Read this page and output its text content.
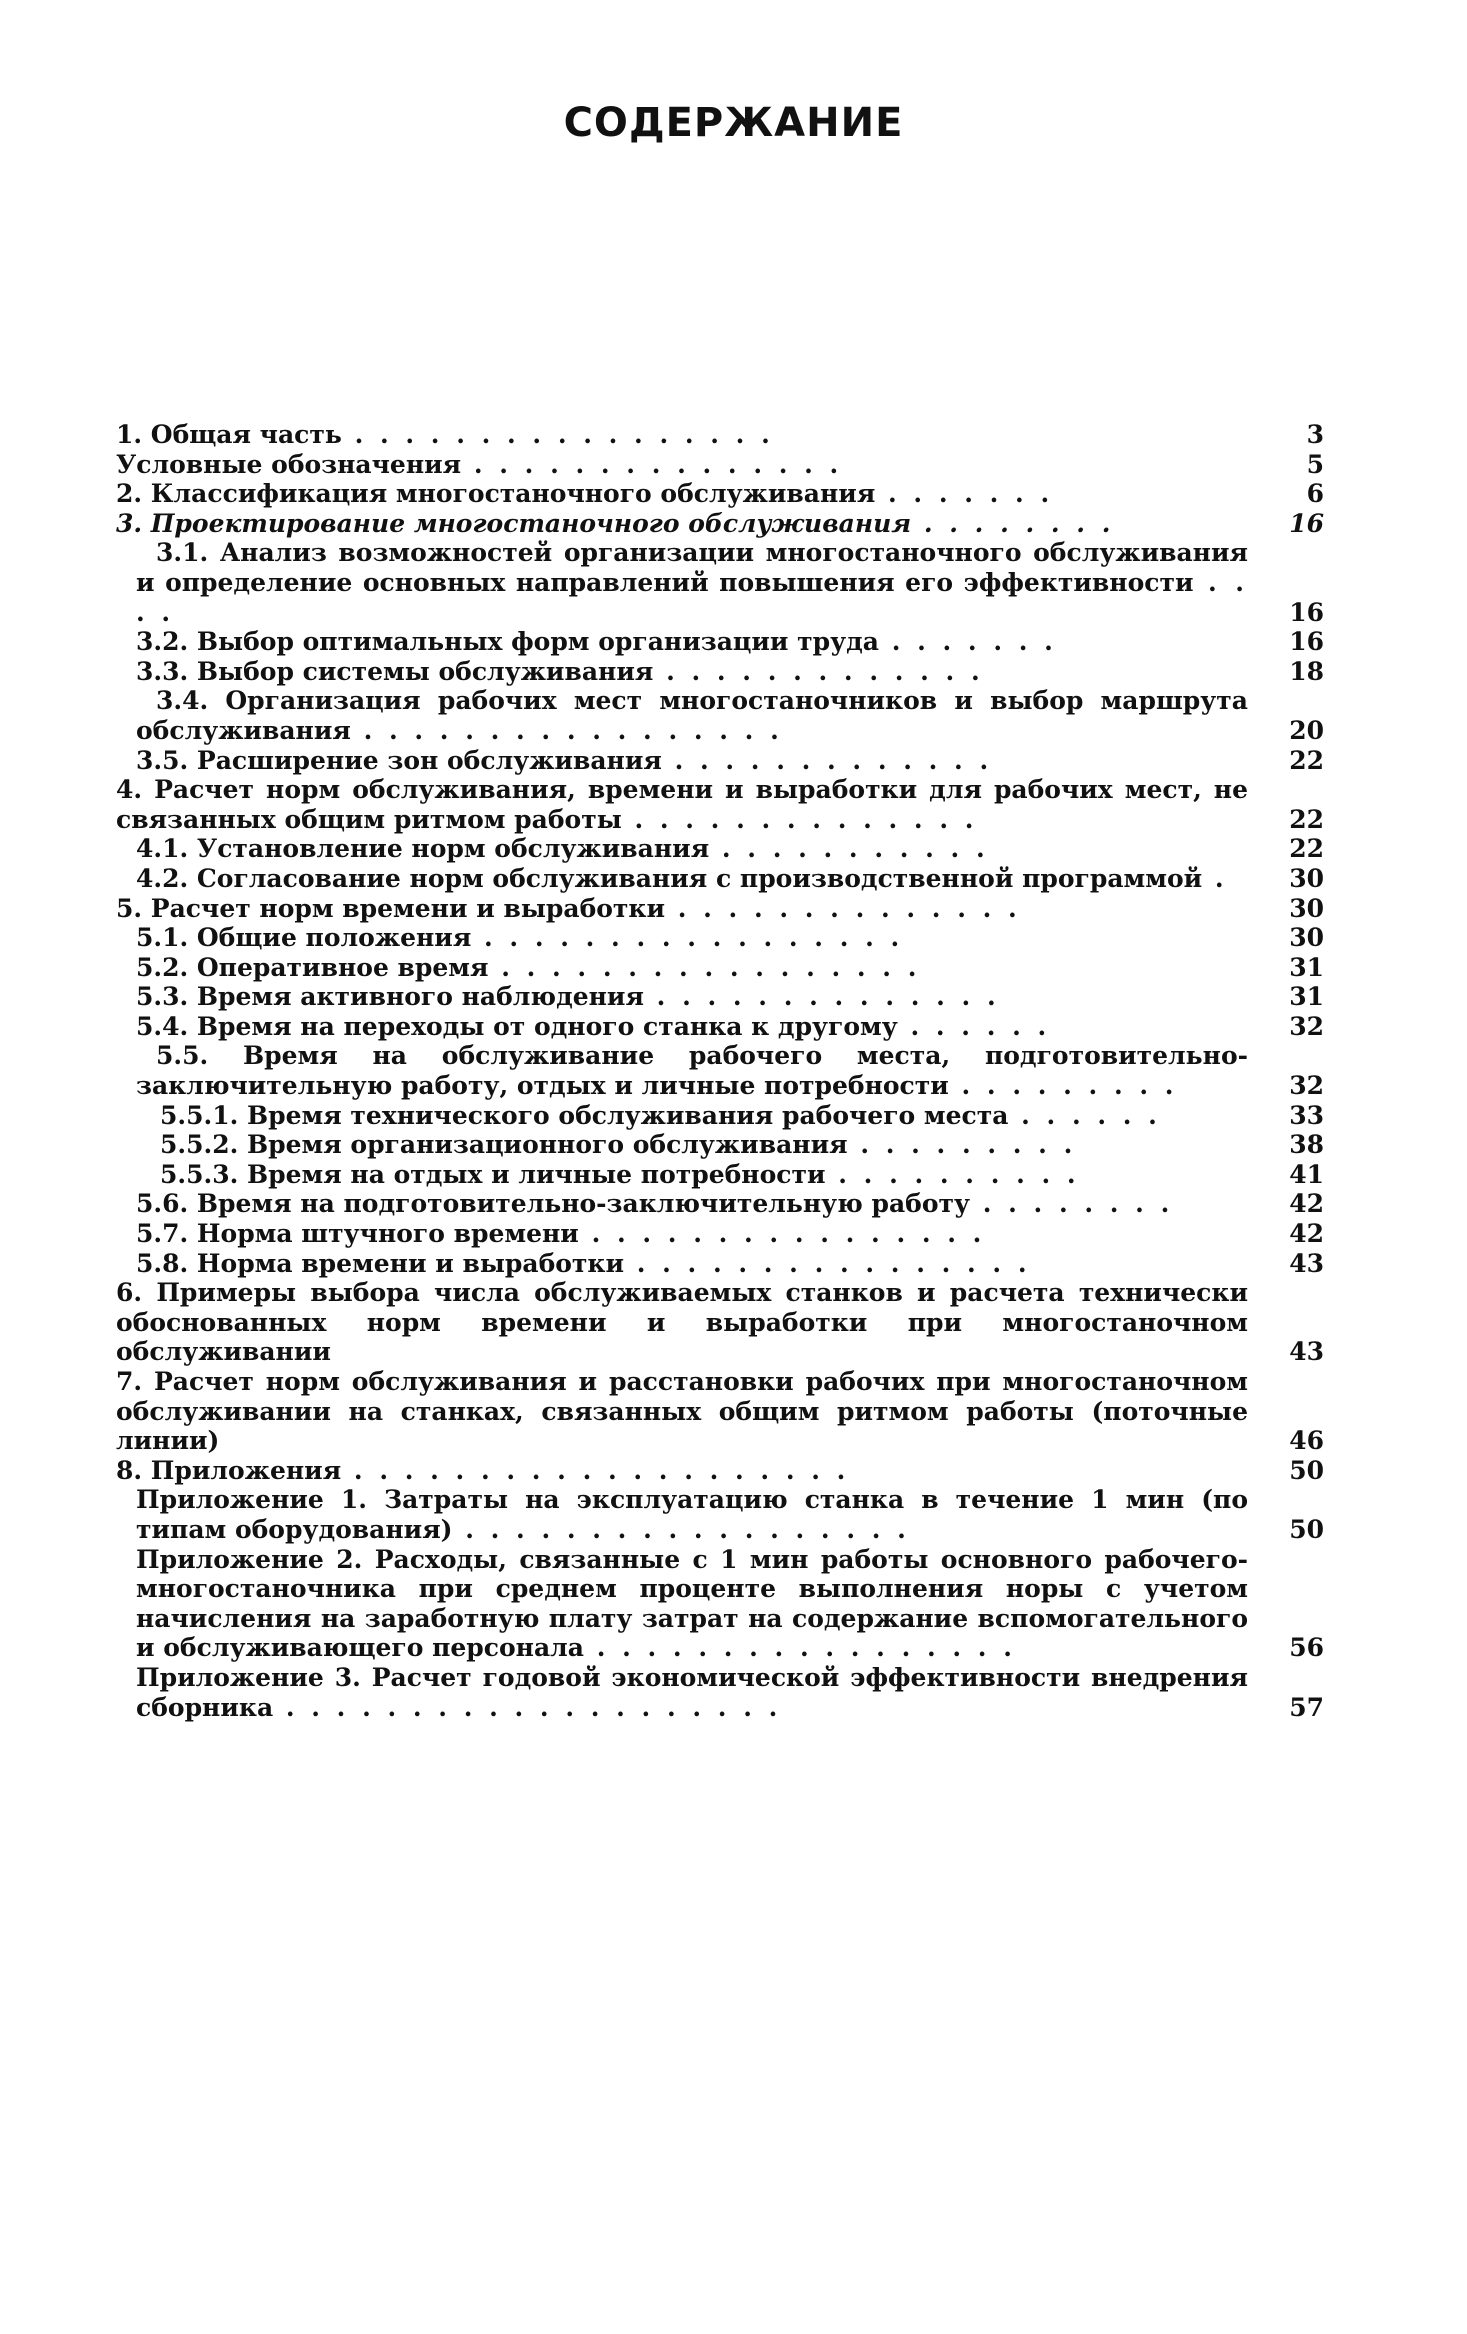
СОДЕРЖАНИЕ
1. Общая часть . . . . . . . . . . . . . . . . .	3
Условные обозначения . . . . . . . . . . . . . . .	5
2. Классификация многостаночного обслуживания . . . . . . .	6
3. Проектирование многостаночного обслуживания . . . . . . . .	16
3.1. Анализ возможностей организации многостаночного обслуживания и определение основных направлений повышения его эффективности . . . .	16
3.2. Выбор оптимальных форм организации труда . . . . . . .	16
3.3. Выбор системы обслуживания . . . . . . . . . . . . .	18
3.4. Организация рабочих мест многостаночников и выбор маршрута обслуживания . . . . . . . . . . . . . . . . .	20
3.5. Расширение зон обслуживания . . . . . . . . . . . . .	22
4. Расчет норм обслуживания, времени и выработки для рабочих мест, не связанных общим ритмом работы . . . . . . . . . . . . . .	22
4.1. Установление норм обслуживания . . . . . . . . . . .	22
4.2. Согласование норм обслуживания с производственной программой .	30
5. Расчет норм времени и выработки . . . . . . . . . . . . . .	30
5.1. Общие положения . . . . . . . . . . . . . . . . .	30
5.2. Оперативное время . . . . . . . . . . . . . . . . .	31
5.3. Время активного наблюдения . . . . . . . . . . . . . .	31
5.4. Время на переходы от одного станка к другому . . . . . .	32
5.5. Время на обслуживание рабочего места, подготовительно-заключительную работу, отдых и личные потребности . . . . . . . . .	32
5.5.1. Время технического обслуживания рабочего места . . . . . .	33
5.5.2. Время организационного обслуживания . . . . . . . . .	38
5.5.3. Время на отдых и личные потребности . . . . . . . . . .	41
5.6. Время на подготовительно-заключительную работу . . . . . . . .	42
5.7. Норма штучного времени . . . . . . . . . . . . . . . .	42
5.8. Норма времени и выработки . . . . . . . . . . . . . . . .	43
6. Примеры выбора числа обслуживаемых станков и расчета технически обоснованных норм времени и выработки при многостаночном обслуживании	43
7. Расчет норм обслуживания и расстановки рабочих при многостаночном обслуживании на станках, связанных общим ритмом работы (поточные линии)	46
8. Приложения . . . . . . . . . . . . . . . . . . . .	50
Приложение 1. Затраты на эксплуатацию станка в течение 1 мин (по типам оборудования) . . . . . . . . . . . . . . . . . .	50
Приложение 2. Расходы, связанные с 1 мин работы основного рабочего-многостаночника при среднем проценте выполнения норы с учетом начисления на заработную плату затрат на содержание вспомогательного и обслуживающего персонала . . . . . . . . . . . . . . . . .	56
Приложение 3. Расчет годовой экономической эффективности внедрения сборника . . . . . . . . . . . . . . . . . . . .	57
